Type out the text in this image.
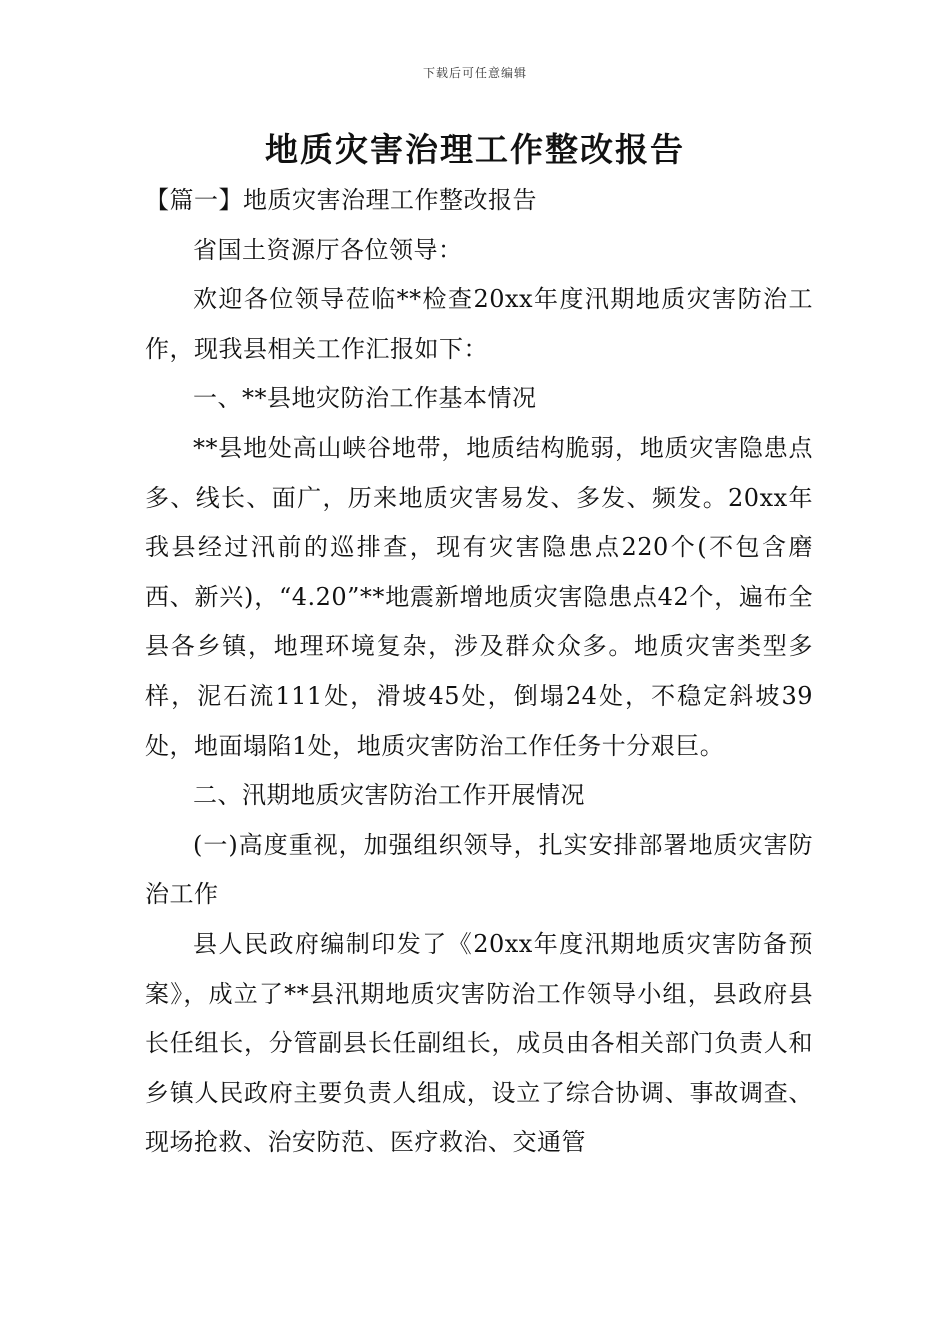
下载后可任意编辑
地质灾害治理工作整改报告

【篇一】地质灾害治理工作整改报告

省国土资源厅各位领导：

欢迎各位领导莅临**检查20xx年度汛期地质灾害防治工作，现我县相关工作汇报如下：

一、**县地灾防治工作基本情况

**县地处高山峡谷地带，地质结构脆弱，地质灾害隐患点多、线长、面广，历来地质灾害易发、多发、频发。20xx年我县经过汛前的巡排查，现有灾害隐患点220个(不包含磨西、新兴)，“4.20”**地震新增地质灾害隐患点42个，遍布全县各乡镇，地理环境复杂，涉及群众众多。地质灾害类型多样，泥石流111处，滑坡45处，倒塌24处，不稳定斜坡39处，地面塌陷1处，地质灾害防治工作任务十分艰巨。

二、汛期地质灾害防治工作开展情况

(一)高度重视，加强组织领导，扎实安排部署地质灾害防治工作

县人民政府编制印发了《20xx年度汛期地质灾害防备预案》，成立了**县汛期地质灾害防治工作领导小组，县政府县长任组长，分管副县长任副组长，成员由各相关部门负责人和乡镇人民政府主要负责人组成，设立了综合协调、事故调查、现场抢救、治安防范、医疗救治、交通管
